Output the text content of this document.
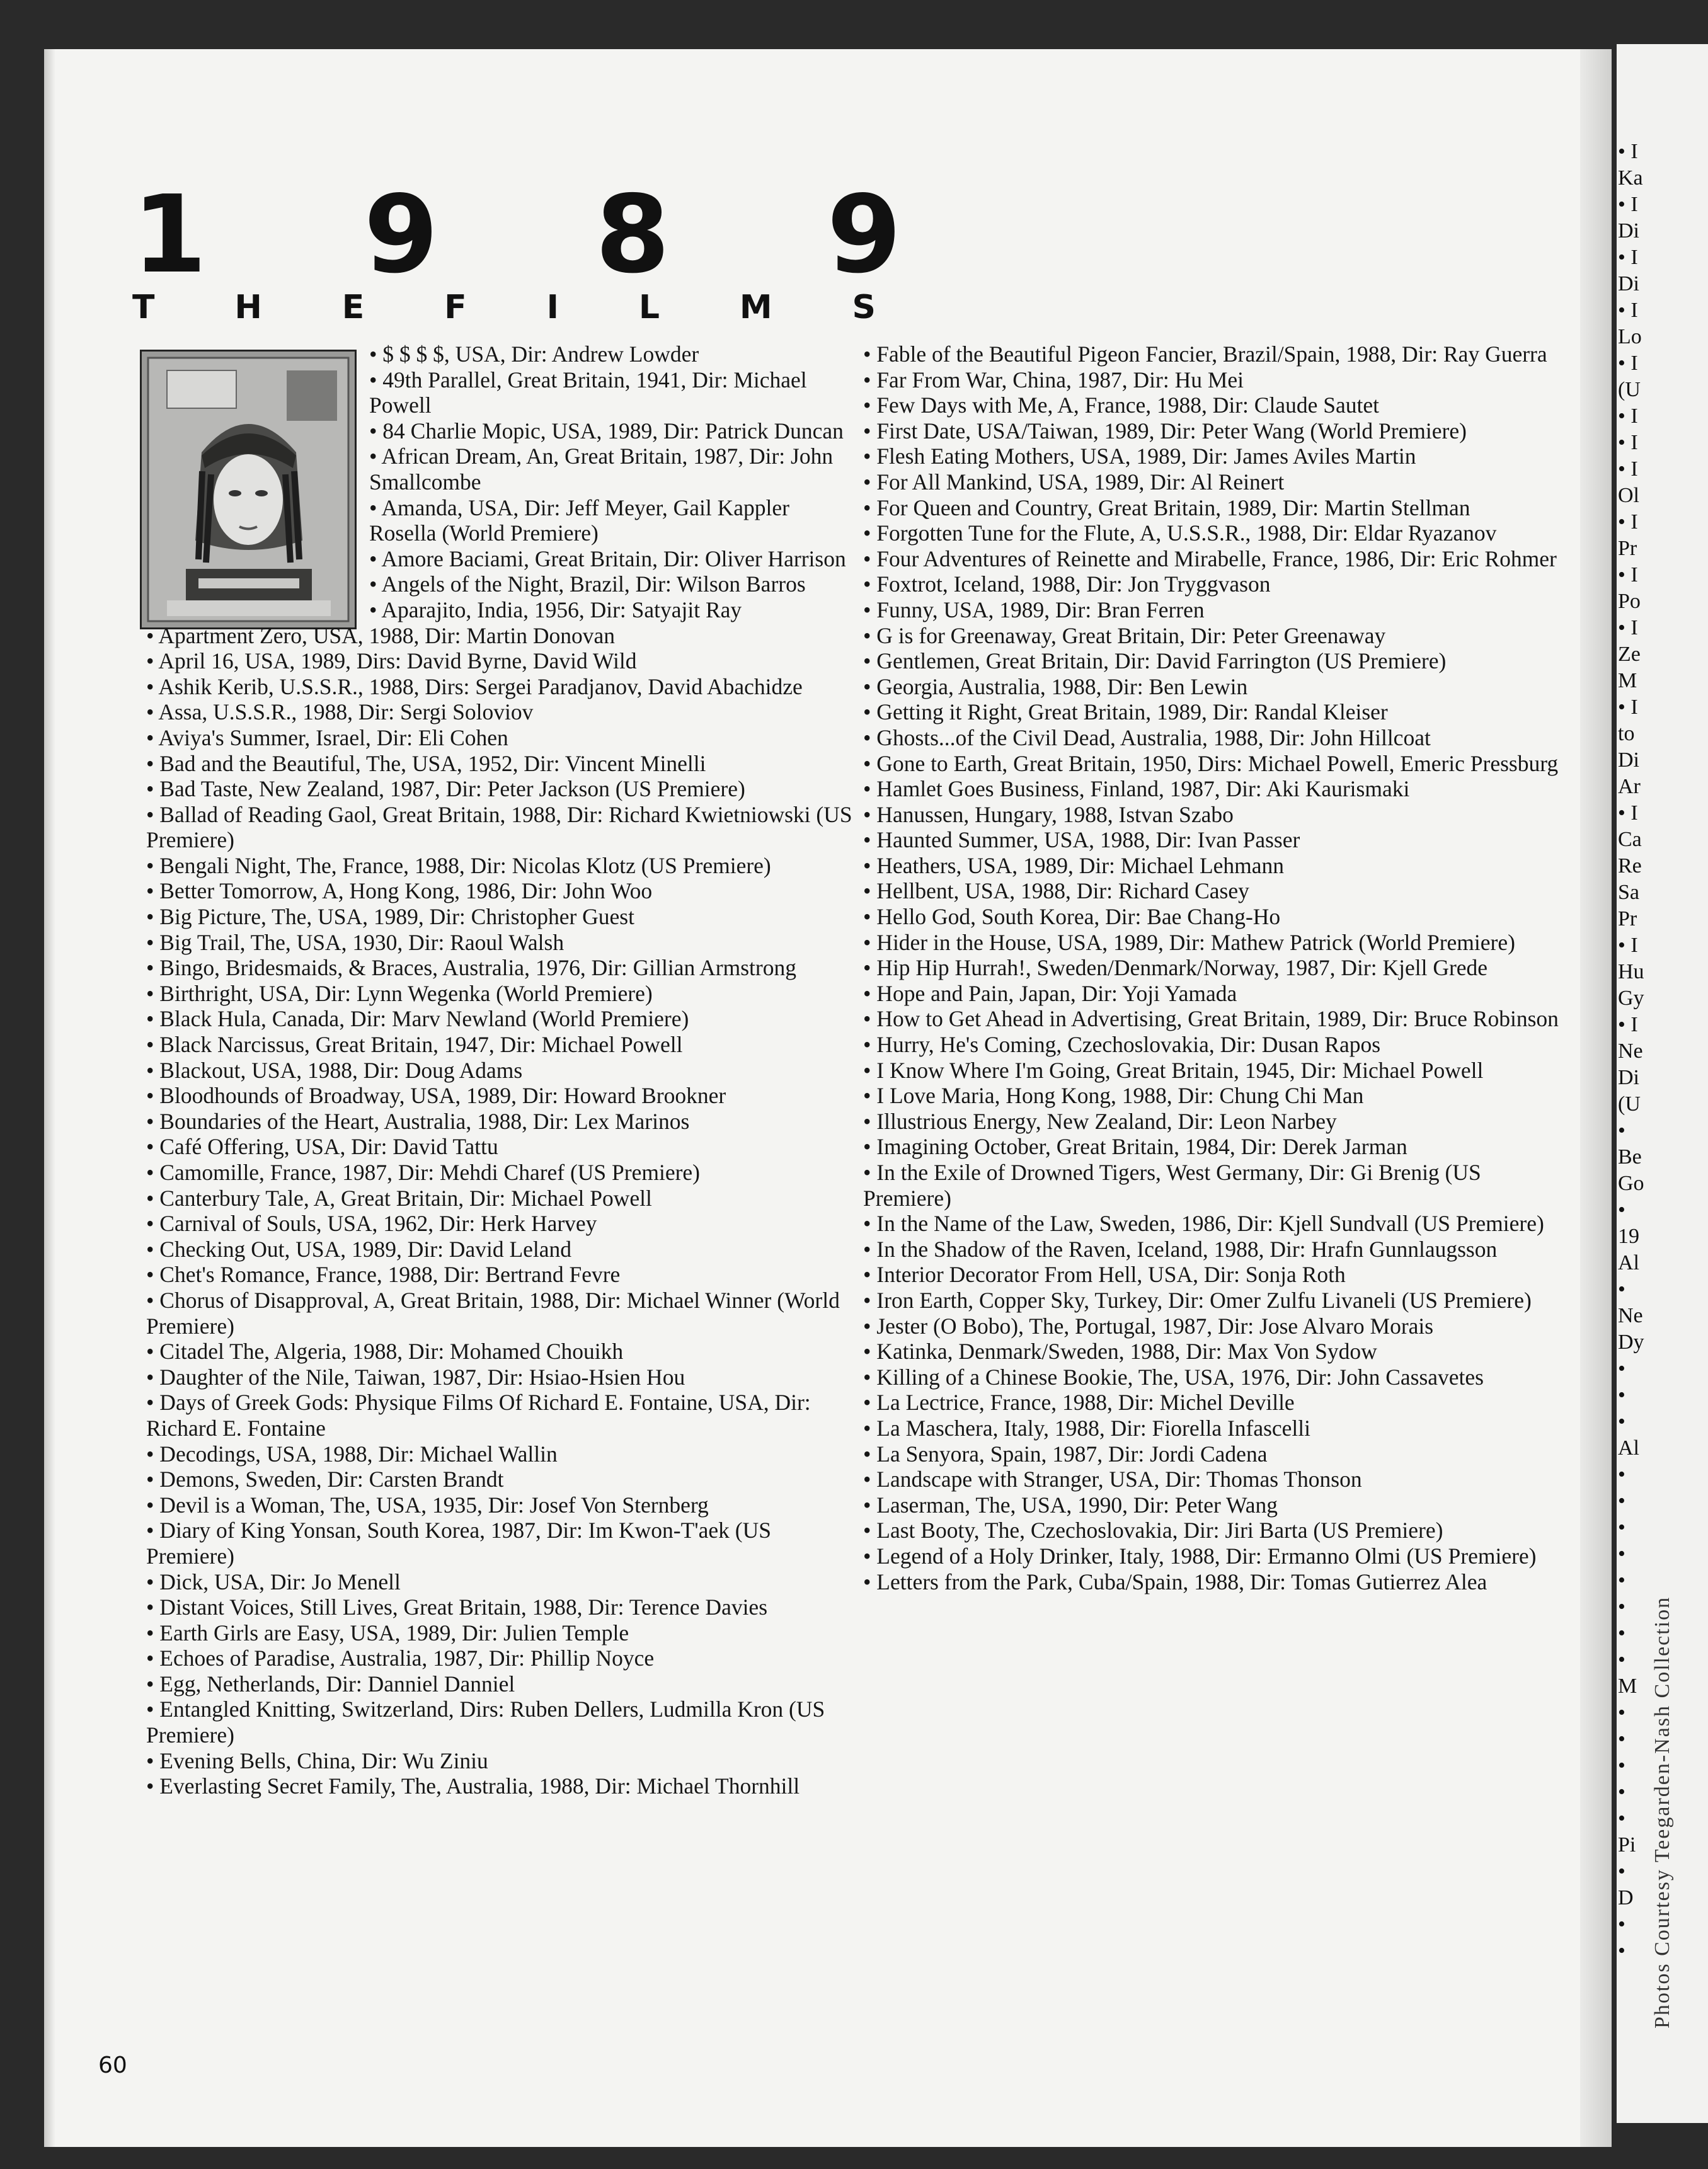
• I
Ka
• I
Di
• I
Di
• I
Lo
• I
(U
• I
• I
• I
Ol
• I
Pr
• I
Po
• I
Ze
M
• I
to
Di
Ar
• I
Ca
Re
Sa
Pr
• I
Hu
Gy
• I
Ne
Di
(U
•
Be
Go
•
19
Al
•
Ne
Dy
•
•
•
Al
•
•
•
•
•
•
•
•
M
•
•
•
•
•
Pi
•
D
•
•
1 9 8 9
T H E F I L M S

• $ $ $ $, USA, Dir: Andrew Lowder

• 49th Parallel, Great Britain, 1941, Dir: Michael Powell

• 84 Charlie Mopic, USA, 1989, Dir: Patrick Duncan

• African Dream, An, Great Britain, 1987, Dir: John Smallcombe

• Amanda, USA, Dir: Jeff Meyer, Gail Kappler Rosella (World Premiere)

• Amore Baciami, Great Britain, Dir: Oliver Harrison

• Angels of the Night, Brazil, Dir: Wilson Barros

• Aparajito, India, 1956, Dir: Satyajit Ray

• Apartment Zero, USA, 1988, Dir: Martin Donovan

• April 16, USA, 1989, Dirs: David Byrne, David Wild

• Ashik Kerib, U.S.S.R., 1988, Dirs: Sergei Paradjanov, David Abachidze

• Assa, U.S.S.R., 1988, Dir: Sergi Soloviov

• Aviya's Summer, Israel, Dir: Eli Cohen

• Bad and the Beautiful, The, USA, 1952, Dir: Vincent Minelli

• Bad Taste, New Zealand, 1987, Dir: Peter Jackson (US Premiere)

• Ballad of Reading Gaol, Great Britain, 1988, Dir: Richard Kwietniowski (US Premiere)

• Bengali Night, The, France, 1988, Dir: Nicolas Klotz (US Premiere)

• Better Tomorrow, A, Hong Kong, 1986, Dir: John Woo

• Big Picture, The, USA, 1989, Dir: Christopher Guest

• Big Trail, The, USA, 1930, Dir: Raoul Walsh

• Bingo, Bridesmaids, & Braces, Australia, 1976, Dir: Gillian Armstrong

• Birthright, USA, Dir: Lynn Wegenka (World Premiere)

• Black Hula, Canada, Dir: Marv Newland (World Premiere)

• Black Narcissus, Great Britain, 1947, Dir: Michael Powell

• Blackout, USA, 1988, Dir: Doug Adams

• Bloodhounds of Broadway, USA, 1989, Dir: Howard Brookner

• Boundaries of the Heart, Australia, 1988, Dir: Lex Marinos

• Café Offering, USA, Dir: David Tattu

• Camomille, France, 1987, Dir: Mehdi Charef (US Premiere)

• Canterbury Tale, A, Great Britain, Dir: Michael Powell

• Carnival of Souls, USA, 1962, Dir: Herk Harvey

• Checking Out, USA, 1989, Dir: David Leland

• Chet's Romance, France, 1988, Dir: Bertrand Fevre

• Chorus of Disapproval, A, Great Britain, 1988, Dir: Michael Winner (World Premiere)

• Citadel The, Algeria, 1988, Dir: Mohamed Chouikh

• Daughter of the Nile, Taiwan, 1987, Dir: Hsiao-Hsien Hou

• Days of Greek Gods: Physique Films Of Richard E. Fontaine, USA, Dir: Richard E. Fontaine

• Decodings, USA, 1988, Dir: Michael Wallin

• Demons, Sweden, Dir: Carsten Brandt

• Devil is a Woman, The, USA, 1935, Dir: Josef Von Sternberg

• Diary of King Yonsan, South Korea, 1987, Dir: Im Kwon-T'aek (US Premiere)

• Dick, USA, Dir: Jo Menell

• Distant Voices, Still Lives, Great Britain, 1988, Dir: Terence Davies

• Earth Girls are Easy, USA, 1989, Dir: Julien Temple

• Echoes of Paradise, Australia, 1987, Dir: Phillip Noyce

• Egg, Netherlands, Dir: Danniel Danniel

• Entangled Knitting, Switzerland, Dirs: Ruben Dellers, Ludmilla Kron (US Premiere)

• Evening Bells, China, Dir: Wu Ziniu

• Everlasting Secret Family, The, Australia, 1988, Dir: Michael Thornhill

• Fable of the Beautiful Pigeon Fancier, Brazil/Spain, 1988, Dir: Ray Guerra

• Far From War, China, 1987, Dir: Hu Mei

• Few Days with Me, A, France, 1988, Dir: Claude Sautet

• First Date, USA/Taiwan, 1989, Dir: Peter Wang (World Premiere)

• Flesh Eating Mothers, USA, 1989, Dir: James Aviles Martin

• For All Mankind, USA, 1989, Dir: Al Reinert

• For Queen and Country, Great Britain, 1989, Dir: Martin Stellman

• Forgotten Tune for the Flute, A, U.S.S.R., 1988, Dir: Eldar Ryazanov

• Four Adventures of Reinette and Mirabelle, France, 1986, Dir: Eric Rohmer

• Foxtrot, Iceland, 1988, Dir: Jon Tryggvason

• Funny, USA, 1989, Dir: Bran Ferren

• G is for Greenaway, Great Britain, Dir: Peter Greenaway

• Gentlemen, Great Britain, Dir: David Farrington (US Premiere)

• Georgia, Australia, 1988, Dir: Ben Lewin

• Getting it Right, Great Britain, 1989, Dir: Randal Kleiser

• Ghosts...of the Civil Dead, Australia, 1988, Dir: John Hillcoat

• Gone to Earth, Great Britain, 1950, Dirs: Michael Powell, Emeric Pressburg

• Hamlet Goes Business, Finland, 1987, Dir: Aki Kaurismaki

• Hanussen, Hungary, 1988, Istvan Szabo

• Haunted Summer, USA, 1988, Dir: Ivan Passer

• Heathers, USA, 1989, Dir: Michael Lehmann

• Hellbent, USA, 1988, Dir: Richard Casey

• Hello God, South Korea, Dir: Bae Chang-Ho

• Hider in the House, USA, 1989, Dir: Mathew Patrick (World Premiere)

• Hip Hip Hurrah!, Sweden/Denmark/Norway, 1987, Dir: Kjell Grede

• Hope and Pain, Japan, Dir: Yoji Yamada

• How to Get Ahead in Advertising, Great Britain, 1989, Dir: Bruce Robinson

• Hurry, He's Coming, Czechoslovakia, Dir: Dusan Rapos

• I Know Where I'm Going, Great Britain, 1945, Dir: Michael Powell

• I Love Maria, Hong Kong, 1988, Dir: Chung Chi Man

• Illustrious Energy, New Zealand, Dir: Leon Narbey

• Imagining October, Great Britain, 1984, Dir: Derek Jarman

• In the Exile of Drowned Tigers, West Germany, Dir: Gi Brenig (US Premiere)

• In the Name of the Law, Sweden, 1986, Dir: Kjell Sundvall (US Premiere)

• In the Shadow of the Raven, Iceland, 1988, Dir: Hrafn Gunnlaugsson

• Interior Decorator From Hell, USA, Dir: Sonja Roth

• Iron Earth, Copper Sky, Turkey, Dir: Omer Zulfu Livaneli (US Premiere)

• Jester (O Bobo), The, Portugal, 1987, Dir: Jose Alvaro Morais

• Katinka, Denmark/Sweden, 1988, Dir: Max Von Sydow

• Killing of a Chinese Bookie, The, USA, 1976, Dir: John Cassavetes

• La Lectrice, France, 1988, Dir: Michel Deville

• La Maschera, Italy, 1988, Dir: Fiorella Infascelli

• La Senyora, Spain, 1987, Dir: Jordi Cadena

• Landscape with Stranger, USA, Dir: Thomas Thonson

• Laserman, The, USA, 1990, Dir: Peter Wang

• Last Booty, The, Czechoslovakia, Dir: Jiri Barta (US Premiere)

• Legend of a Holy Drinker, Italy, 1988, Dir: Ermanno Olmi (US Premiere)

• Letters from the Park, Cuba/Spain, 1988, Dir: Tomas Gutierrez Alea

60
Photos Courtesy Teegarden-Nash Collection
